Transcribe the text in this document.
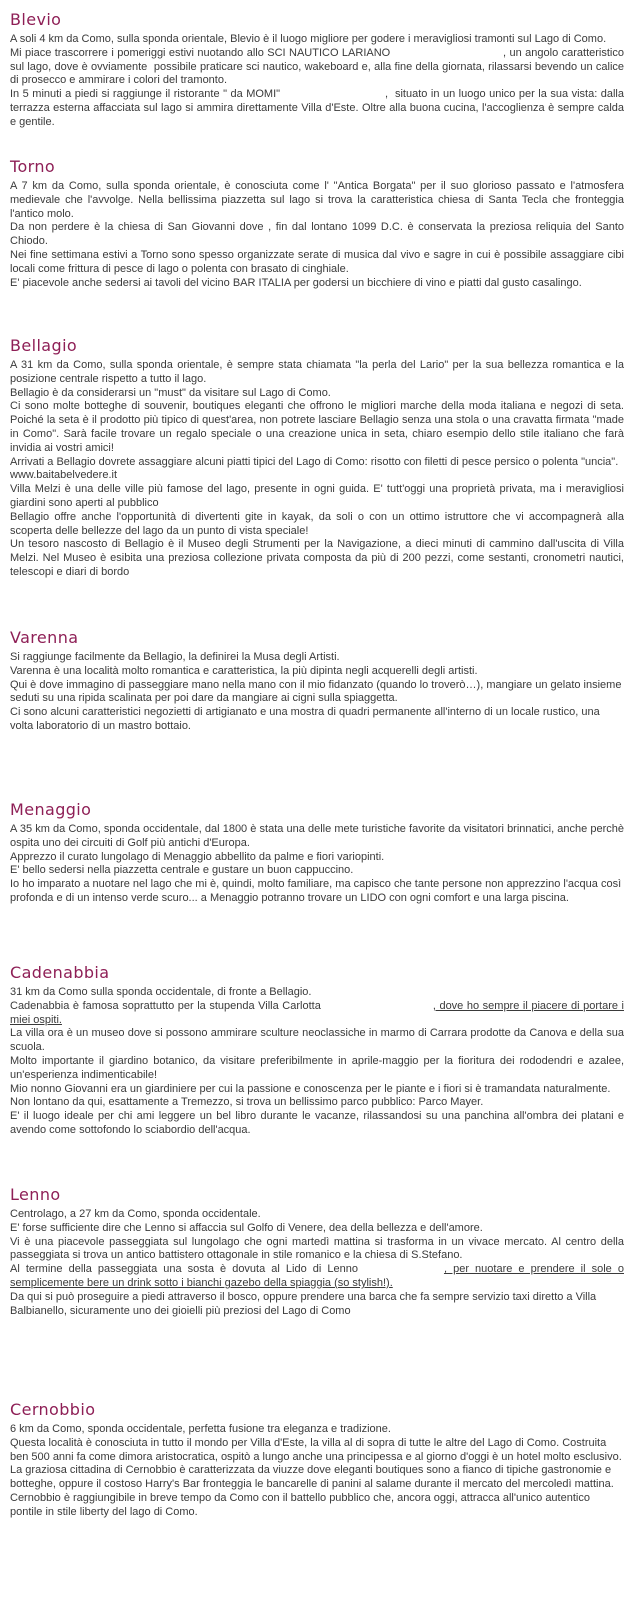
Blevio

A soli 4 km da Como, sulla sponda orientale, Blevio è il luogo migliore per godere i meravigliosi tramonti sul Lago di Como.

Mi piace trascorrere i pomeriggi estivi nuotando allo SCI NAUTICO LARIANO                                 , un angolo caratteristico sul lago, dove è ovviamente  possibile praticare sci nautico, wakeboard e, alla fine della giornata, rilassarsi bevendo un calice di prosecco e ammirare i colori del tramonto.

In 5 minuti a piedi si raggiunge il ristorante " da MOMI"                              ,  situato in un luogo unico per la sua vista: dalla terrazza esterna affacciata sul lago si ammira direttamente Villa d'Este. Oltre alla buona cucina, l'accoglienza è sempre calda e gentile.

Torno

A 7 km da Como, sulla sponda orientale, è conosciuta come l' "Antica Borgata" per il suo glorioso passato e l'atmosfera medievale che l'avvolge. Nella bellissima piazzetta sul lago si trova la caratteristica chiesa di Santa Tecla che fronteggia l'antico molo.

Da non perdere è la chiesa di San Giovanni dove , fin dal lontano 1099 D.C. è conservata la preziosa reliquia del Santo Chiodo.

Nei fine settimana estivi a Torno sono spesso organizzate serate di musica dal vivo e sagre in cui è possibile assaggiare cibi locali come frittura di pesce di lago o polenta con brasato di cinghiale.

E' piacevole anche sedersi ai tavoli del vicino BAR ITALIA per godersi un bicchiere di vino e piatti dal gusto casalingo.

Bellagio

A 31 km da Como, sulla sponda orientale, è sempre stata chiamata "la perla del Lario" per la sua bellezza romantica e la posizione centrale rispetto a tutto il lago.

Bellagio è da considerarsi un "must" da visitare sul Lago di Como.

Ci sono molte botteghe di souvenir, boutiques eleganti che offrono le migliori marche della moda italiana e negozi di seta. Poiché la seta è il prodotto più tipico di quest'area, non potrete lasciare Bellagio senza una stola o una cravatta firmata "made in Como". Sarà facile trovare un regalo speciale o una creazione unica in seta, chiaro esempio dello stile italiano che farà invidia ai vostri amici!

Arrivati a Bellagio dovrete assaggiare alcuni piatti tipici del Lago di Como: risotto con filetti di pesce persico o polenta "uncia". www.baitabelvedere.it

Villa Melzi è una delle ville più famose del lago, presente in ogni guida. E' tutt'oggi una proprietà privata, ma i meravigliosi giardini sono aperti al pubblico

Bellagio offre anche l'opportunità di divertenti gite in kayak, da soli o con un ottimo istruttore che vi accompagnerà alla scoperta delle bellezze del lago da un punto di vista speciale!

Un tesoro nascosto di Bellagio è il Museo degli Strumenti per la Navigazione, a dieci minuti di cammino dall'uscita di Villa Melzi. Nel Museo è esibita una preziosa collezione privata composta da più di 200 pezzi, come sestanti, cronometri nautici, telescopi e diari di bordo

Varenna

Si raggiunge facilmente da Bellagio, la definirei la Musa degli Artisti.

Varenna è una località molto romantica e caratteristica, la più dipinta negli acquerelli degli artisti.

Qui è dove immagino di passeggiare mano nella mano con il mio fidanzato (quando lo troverò…), mangiare un gelato insieme seduti su una ripida scalinata per poi dare da mangiare ai cigni sulla spiaggetta.

Ci sono alcuni caratteristici negozietti di artigianato e una mostra di quadri permanente all'interno di un locale rustico, una volta laboratorio di un mastro bottaio.

Menaggio

A 35 km da Como, sponda occidentale, dal 1800 è stata una delle mete turistiche favorite da visitatori brinnatici, anche perchè ospita uno dei circuiti di Golf più antichi d'Europa.

Apprezzo il curato lungolago di Menaggio abbellito da palme e fiori variopinti.

E' bello sedersi nella piazzetta centrale e gustare un buon cappuccino.

Io ho imparato a nuotare nel lago che mi è, quindi, molto familiare, ma capisco che tante persone non apprezzino l'acqua così profonda e di un intenso verde scuro... a Menaggio potranno trovare un LIDO con ogni comfort e una larga piscina.

Cadenabbia

31 km da Como sulla sponda occidentale, di fronte a Bellagio.

Cadenabbia è famosa soprattutto per la stupenda Villa Carlotta	, dove ho sempre il piacere di portare i miei ospiti.

La villa ora è un museo dove si possono ammirare sculture neoclassiche in marmo di Carrara prodotte da Canova e della sua scuola.

Molto importante il giardino botanico, da visitare preferibilmente in aprile-maggio per la fioritura dei rododendri e azalee, un'esperienza indimenticabile!

Mio nonno Giovanni era un giardiniere per cui la passione e conoscenza per le piante e i fiori si è tramandata naturalmente.

Non lontano da qui, esattamente a Tremezzo, si trova un bellissimo parco pubblico: Parco Mayer.

E' il luogo ideale per chi ami leggere un bel libro durante le vacanze, rilassandosi su una panchina all'ombra dei platani e avendo come sottofondo lo sciabordio dell'acqua.

Lenno

Centrolago, a 27 km da Como, sponda occidentale.

E' forse sufficiente dire che Lenno si affaccia sul Golfo di Venere, dea della bellezza e dell'amore.

Vi è una piacevole passeggiata sul lungolago che ogni martedì mattina si trasforma in un vivace mercato. Al centro della passeggiata si trova un antico battistero ottagonale in stile romanico e la chiesa di S.Stefano.

Al termine della passeggiata una sosta è dovuta al Lido di Lenno	, per nuotare e prendere il sole o semplicemente bere un drink sotto i bianchi gazebo della spiaggia (so stylish!).

Da qui si può proseguire a piedi attraverso il bosco, oppure prendere una barca che fa sempre servizio taxi diretto a Villa Balbianello, sicuramente uno dei gioielli più preziosi del Lago di Como

Cernobbio

6 km da Como, sponda occidentale, perfetta fusione tra eleganza e tradizione.

Questa località è conosciuta in tutto il mondo per Villa d'Este, la villa al di sopra di tutte le altre del Lago di Como. Costruita ben 500 anni fa come dimora aristocratica, ospitò a lungo anche una principessa e al giorno d'oggi è un hotel molto esclusivo.

La graziosa cittadina di Cernobbio è caratterizzata da viuzze dove eleganti boutiques sono a fianco di tipiche gastronomie e botteghe, oppure il costoso Harry's Bar fronteggia le bancarelle di panini al salame durante il mercato del mercoledì mattina.

Cernobbio è raggiungibile in breve tempo da Como con il battello pubblico che, ancora oggi, attracca all'unico autentico pontile in stile liberty del lago di Como.
